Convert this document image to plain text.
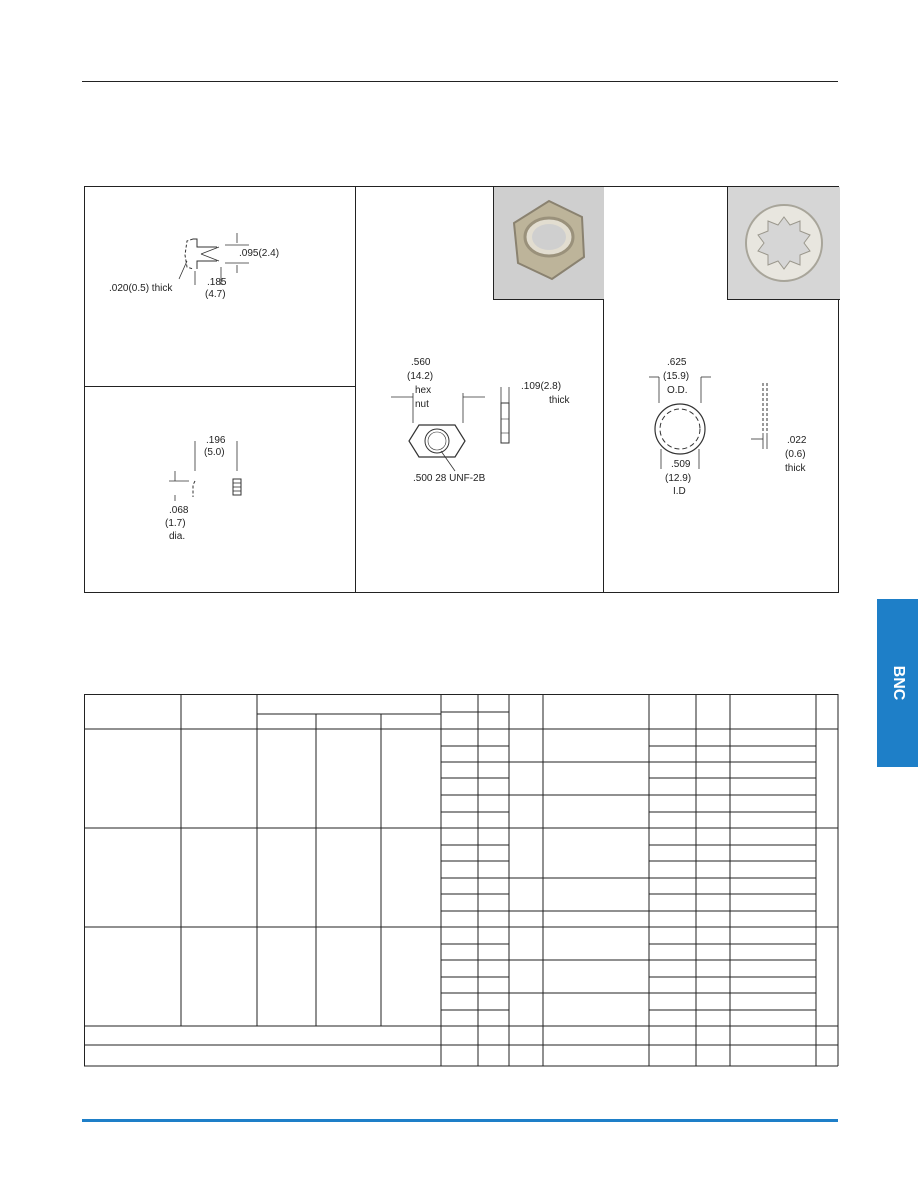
BNC
.095(2.4)
.185
(4.7)
.020(0.5) thick
.196
(5.0)
.068
(1.7)
dia.
.560
(14.2)
hex
nut
.109(2.8)
thick
.500 28 UNF-2B
.625
(15.9)
O.D.
.509
(12.9)
I.D
.022
(0.6)
thick
